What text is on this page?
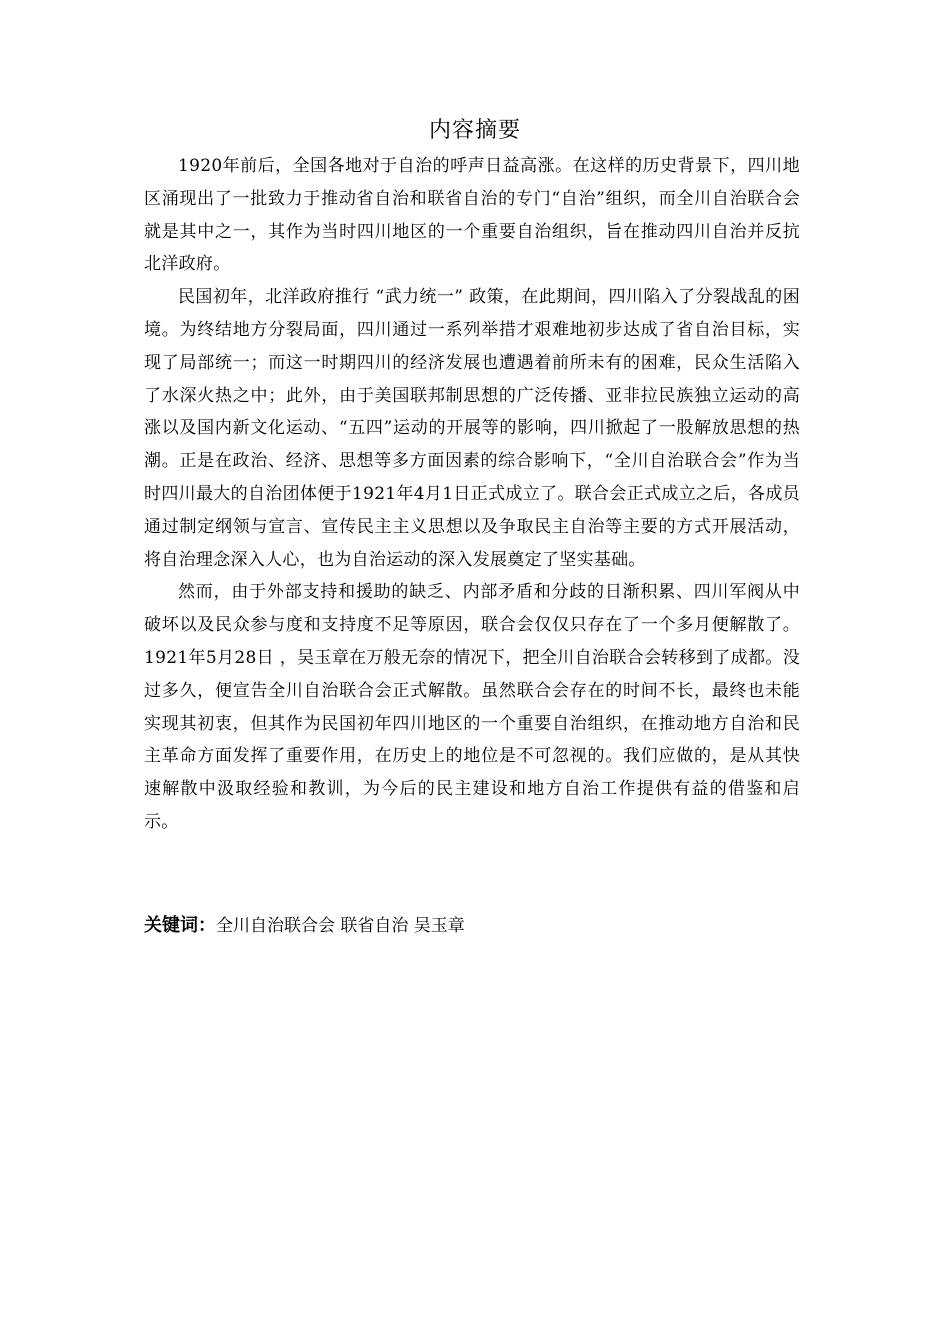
内容摘要

1920年前后，全国各地对于自治的呼声日益高涨。在这样的历史背景下，四川地区涌现出了一批致力于推动省自治和联省自治的专门“自治”组织，而全川自治联合会就是其中之一，其作为当时四川地区的一个重要自治组织，旨在推动四川自治并反抗北洋政府。

民国初年，北洋政府推行 “武力统一” 政策，在此期间，四川陷入了分裂战乱的困境。为终结地方分裂局面，四川通过一系列举措才艰难地初步达成了省自治目标，实现了局部统一；而这一时期四川的经济发展也遭遇着前所未有的困难，民众生活陷入了水深火热之中；此外，由于美国联邦制思想的广泛传播、亚非拉民族独立运动的高涨以及国内新文化运动、“五四”运动的开展等的影响，四川掀起了一股解放思想的热潮。正是在政治、经济、思想等多方面因素的综合影响下，“全川自治联合会”作为当时四川最大的自治团体便于1921年4月1日正式成立了。联合会正式成立之后，各成员通过制定纲领与宣言、宣传民主主义思想以及争取民主自治等主要的方式开展活动，将自治理念深入人心，也为自治运动的深入发展奠定了坚实基础。

然而，由于外部支持和援助的缺乏、内部矛盾和分歧的日渐积累、四川军阀从中破坏以及民众参与度和支持度不足等原因，联合会仅仅只存在了一个多月便解散了。1921年5月28日 ，吴玉章在万般无奈的情况下，把全川自治联合会转移到了成都。没过多久，便宣告全川自治联合会正式解散。虽然联合会存在的时间不长，最终也未能实现其初衷，但其作为民国初年四川地区的一个重要自治组织，在推动地方自治和民主革命方面发挥了重要作用，在历史上的地位是不可忽视的。我们应做的，是从其快速解散中汲取经验和教训，为今后的民主建设和地方自治工作提供有益的借鉴和启示。

关键词：全川自治联合会 联省自治 吴玉章
